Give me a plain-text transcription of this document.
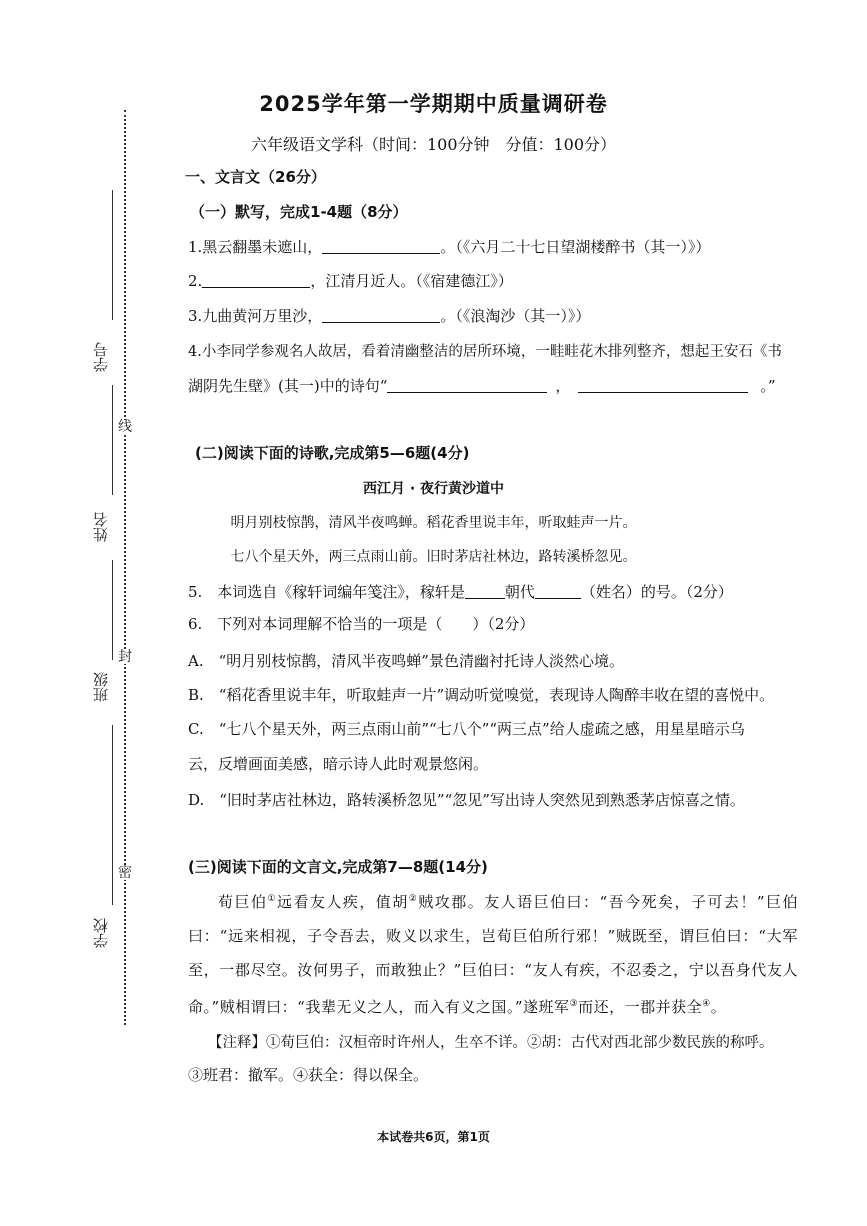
线
封
密
学号
姓名
班级
学校
2025学年第一学期期中质量调研卷
六年级语文学科（时间：100分钟　分值：100分）
一、文言文（26分）
（一）默写，完成1-4题（8分）
1.黑云翻墨未遮山，	。（《六月二十七日望湖楼醉书（其一）》）
2.	，江清月近人。（《宿建德江》）
3.九曲黄河万里沙，	。（《浪淘沙（其一）》）
4.小李同学参观名人故居，看着清幽整洁的居所环境，一畦畦花木排列整齐，想起王安石《书
湖阴先生壁》(其一)中的诗句“	，	。”
(二)阅读下面的诗歌,完成第5—6题(4分)
西江月 · 夜行黄沙道中
明月别枝惊鹊，清风半夜鸣蝉。稻花香里说丰年，听取蛙声一片。
七八个星天外，两三点雨山前。旧时茅店社林边，路转溪桥忽见。
5.　本词选自《稼轩词编年笺注》，稼轩是	朝代	（姓名）的号。（2分）
6.　下列对本词理解不恰当的一项是（　　）（2分）
A.　“明月别枝惊鹊，清风半夜鸣蝉”景色清幽衬托诗人淡然心境。
B.　“稻花香里说丰年，听取蛙声一片”调动听觉嗅觉，表现诗人陶醉丰收在望的喜悦中。
C.　“七八个星天外，两三点雨山前”“七八个”“两三点”给人虚疏之感，用星星暗示乌
云，反增画面美感，暗示诗人此时观景悠闲。
D.　“旧时茅店社林边，路转溪桥忽见”“忽见”写出诗人突然见到熟悉茅店惊喜之情。
(三)阅读下面的文言文,完成第7—8题(14分)
荀巨伯①远看友人疾，值胡②贼攻郡。友人语巨伯曰：“吾今死矣，子可去！”巨伯曰：“远来相视，子令吾去，败义以求生，岂荀巨伯所行邪！”贼既至，谓巨伯曰：“大军至，一郡尽空。汝何男子，而敢独止？”巨伯曰：“友人有疾，不忍委之，宁以吾身代友人命。”贼相谓曰：“我辈无义之人，而入有义之国。”遂班军③而还，一郡并获全④。
【注释】①荀巨伯：汉桓帝时许州人，生卒不详。②胡：古代对西北部少数民族的称呼。
③班君：撤军。④获全：得以保全。
本试卷共6页，第1页
